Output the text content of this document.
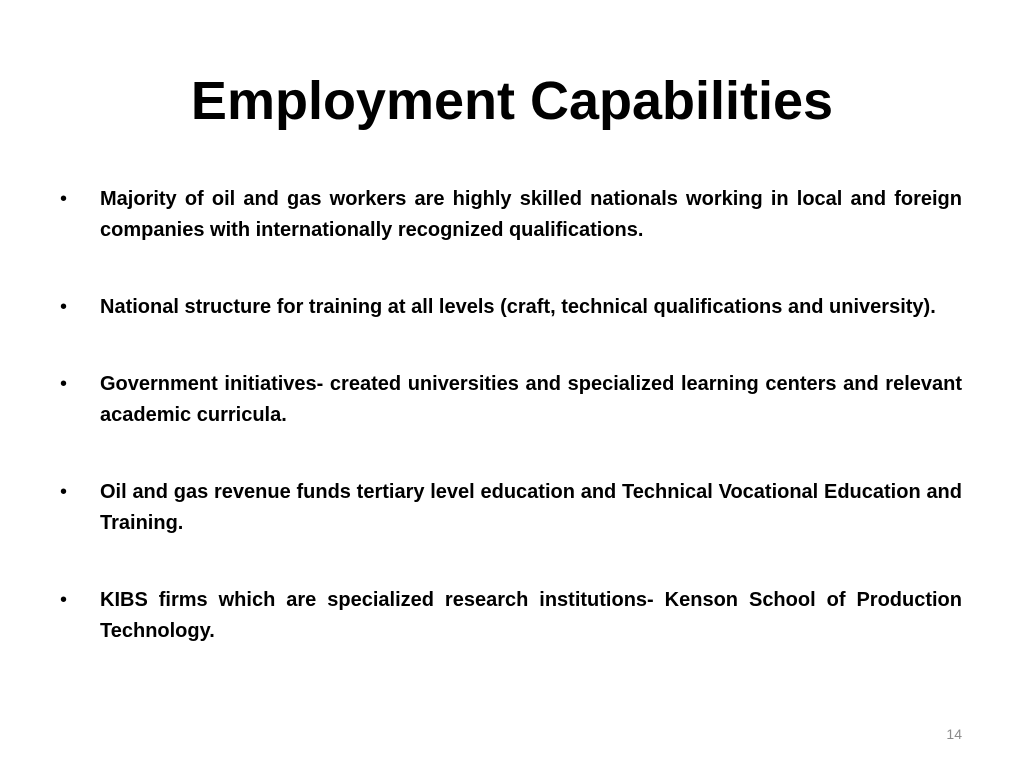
Employment Capabilities
• Majority of oil and gas workers are highly skilled nationals working in local and foreign companies with internationally recognized qualifications.
• National structure for training at all levels (craft, technical qualifications and university).
• Government initiatives- created universities and specialized learning centers and relevant academic curricula.
• Oil and gas revenue funds tertiary level education and Technical Vocational Education and Training.
• KIBS firms which are specialized research institutions- Kenson School of Production Technology.
14
